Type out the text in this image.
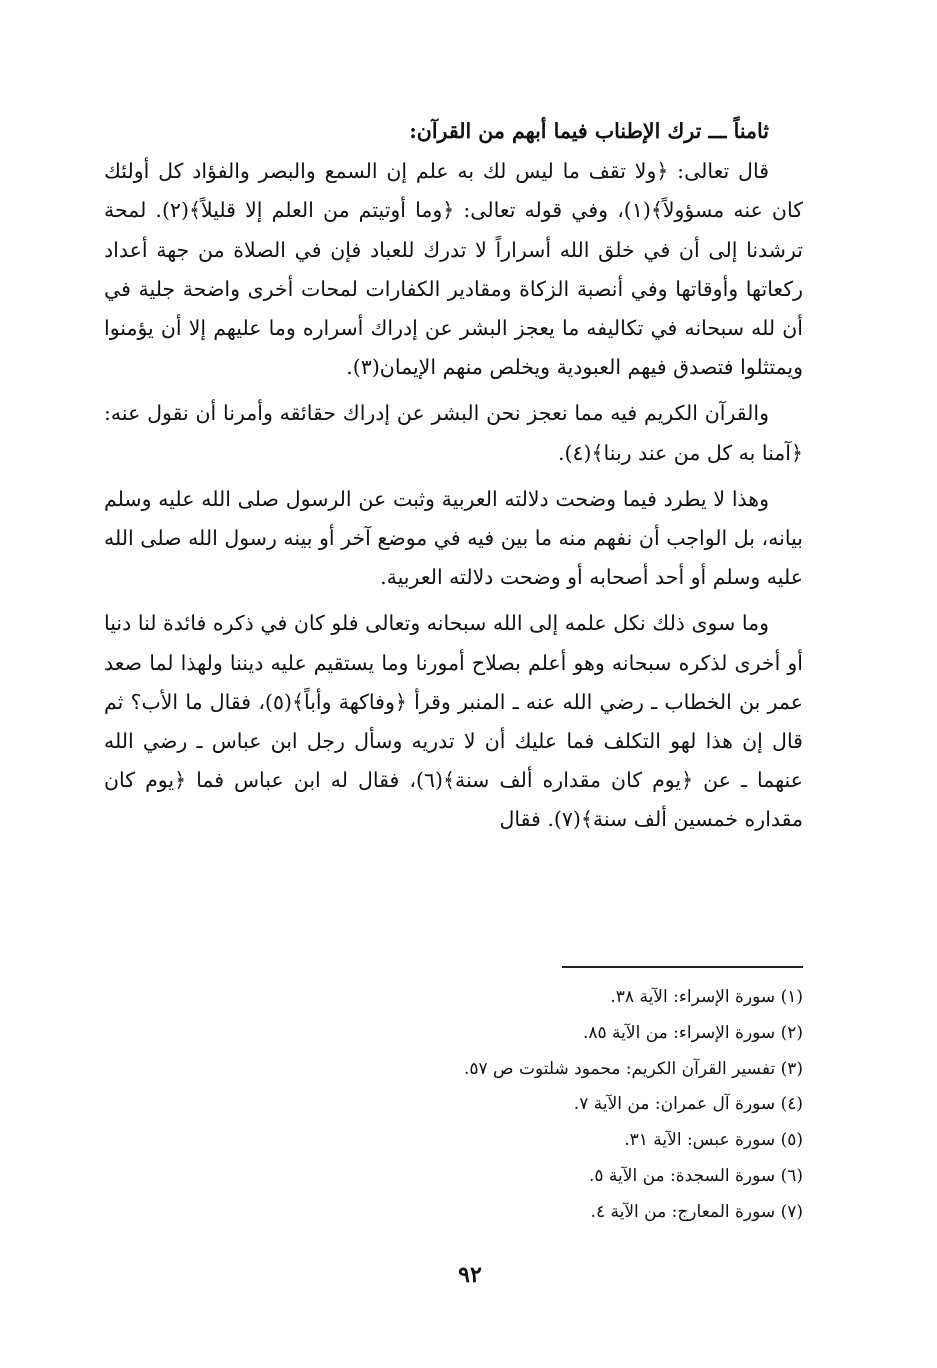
ثامناً ـــ ترك الإطناب فيما أبهم من القرآن:

قال تعالى: ﴿ولا تقف ما ليس لك به علم إن السمع والبصر والفؤاد كل أولئك كان عنه مسؤولاً﴾(١)، وفي قوله تعالى: ﴿وما أوتيتم من العلم إلا قليلاً﴾(٢). لمحة ترشدنا إلى أن في خلق الله أسراراً لا تدرك للعباد فإن في الصلاة من جهة أعداد ركعاتها وأوقاتها وفي أنصبة الزكاة ومقادير الكفارات لمحات أخرى واضحة جلية في أن لله سبحانه في تكاليفه ما يعجز البشر عن إدراك أسراره وما عليهم إلا أن يؤمنوا ويمتثلوا فتصدق فيهم العبودية ويخلص منهم الإيمان(٣).

والقرآن الكريم فيه مما نعجز نحن البشر عن إدراك حقائقه وأمرنا أن نقول عنه: ﴿آمنا به كل من عند ربنا﴾(٤).

وهذا لا يطرد فيما وضحت دلالته العربية وثبت عن الرسول صلى الله عليه وسلم بيانه، بل الواجب أن نفهم منه ما بين فيه في موضع آخر أو بينه رسول الله صلى الله عليه وسلم أو أحد أصحابه أو وضحت دلالته العربية.

وما سوى ذلك نكل علمه إلى الله سبحانه وتعالى فلو كان في ذكره فائدة لنا دنيا أو أخرى لذكره سبحانه وهو أعلم بصلاح أمورنا وما يستقيم عليه ديننا ولهذا لما صعد عمر بن الخطاب ـ رضي الله عنه ـ المنبر وقرأ ﴿وفاكهة وأباً﴾(٥)، فقال ما الأب؟ ثم قال إن هذا لهو التكلف فما عليك أن لا تدريه وسأل رجل ابن عباس ـ رضي الله عنهما ـ عن ﴿يوم كان مقداره ألف سنة﴾(٦)، فقال له ابن عباس فما ﴿يوم كان مقداره خمسين ألف سنة﴾(٧). فقال

(١) سورة الإسراء: الآية ٣٨.
(٢) سورة الإسراء: من الآية ٨٥.
(٣) تفسير القرآن الكريم: محمود شلتوت ص ٥٧.
(٤) سورة آل عمران: من الآية ٧.
(٥) سورة عبس: الآية ٣١.
(٦) سورة السجدة: من الآية ٥.
(٧) سورة المعارج: من الآية ٤.
٩٢
